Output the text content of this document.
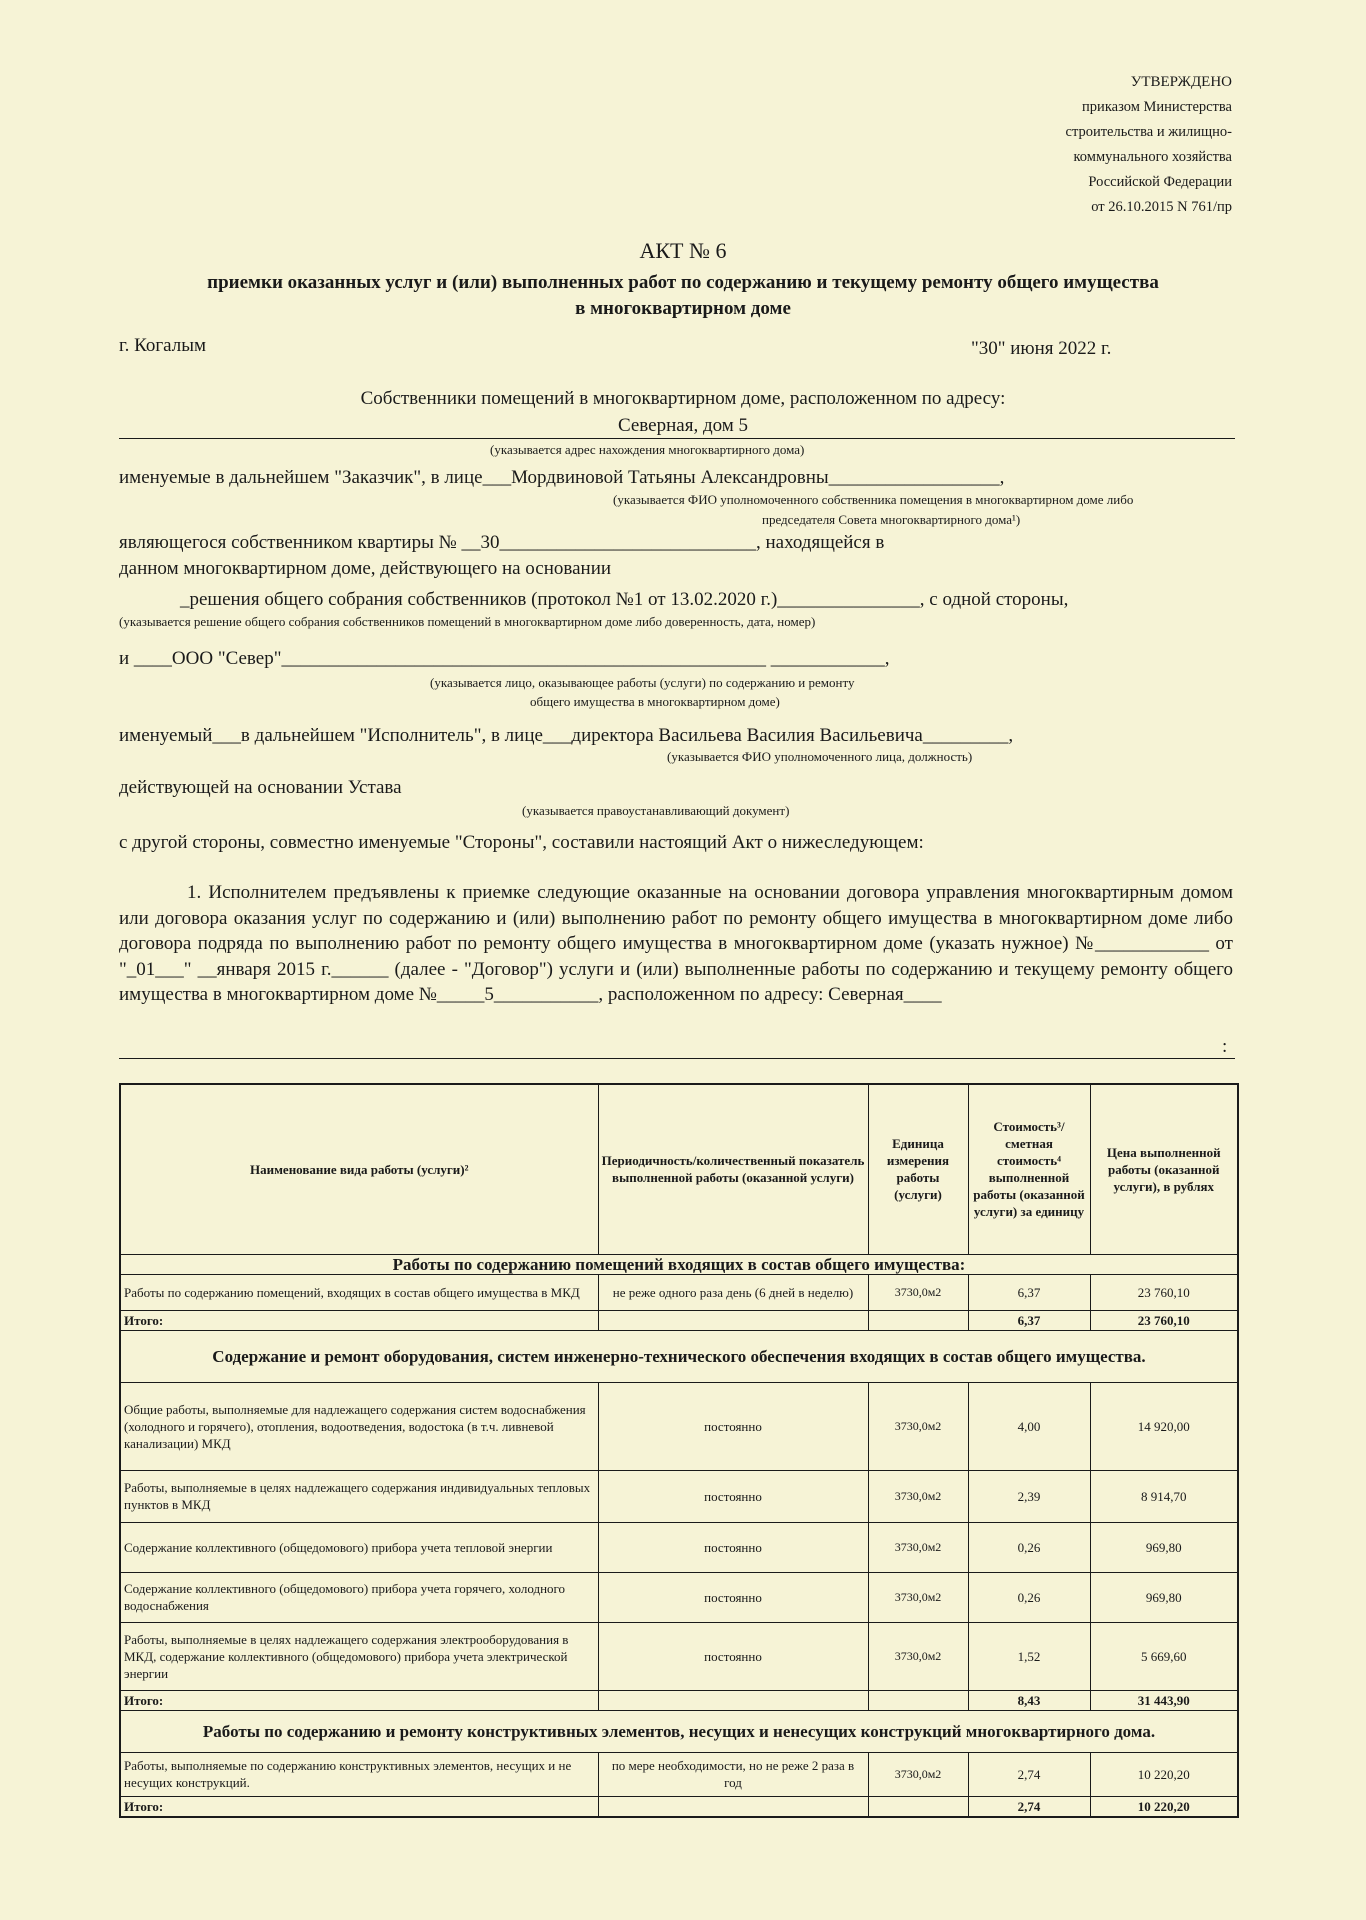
УТВЕРЖДЕНО
приказом Министерства
строительства и жилищно-
коммунального хозяйства
Российской Федерации
от 26.10.2015 N 761/пр
АКТ № 6
приемки оказанных услуг и (или) выполненных работ по содержанию и текущему ремонту общего имущества
в многоквартирном доме
г. Когалым	"30" июня 2022 г.
Собственники помещений в многоквартирном доме, расположенном по адресу:
Северная, дом 5
(указывается адрес нахождения многоквартирного дома)
именуемые в дальнейшем "Заказчик", в лице___Мордвиновой Татьяны Александровны__________________,
(указывается ФИО уполномоченного собственника помещения в многоквартирном доме либо
председателя Совета многоквартирного дома¹)
являющегося собственником квартиры № __30___________________________, находящейся в
данном многоквартирном доме, действующего на основании
_решения общего собрания собственников (протокол №1 от 13.02.2020 г.)_______________, с одной стороны,
(указывается решение общего собрания собственников помещений в многоквартирном доме либо доверенность, дата, номер)
и ____ООО "Север"___________________________________________________ ____________,
(указывается лицо, оказывающее работы (услуги) по содержанию и ремонту
общего имущества в многоквартирном доме)
именуемый___в дальнейшем "Исполнитель", в лице___директора Васильева Василия Васильевича_________,
(указывается ФИО уполномоченного лица, должность)
действующей на основании Устава
(указывается правоустанавливающий документ)
с другой стороны, совместно именуемые "Стороны", составили настоящий Акт о нижеследующем:
1. Исполнителем предъявлены к приемке следующие оказанные на основании договора управления многоквартирным домом или договора оказания услуг по содержанию и (или) выполнению работ по ремонту общего имущества в многоквартирном доме либо договора подряда по выполнению работ по ремонту общего имущества в многоквартирном доме (указать нужное) №____________ от "_01___" __января 2015 г.______ (далее - "Договор") услуги и (или) выполненные работы по содержанию и текущему ремонту общего имущества в многоквартирном доме №_____5___________, расположенном по адресу: Северная____
:
Наименование вида работы (услуги)²	Периодичность/количественный показатель выполненной работы (оказанной услуги)	Единица измерения работы (услуги)	Стоимость³/сметная стоимость⁴ выполненной работы (оказанной услуги) за единицу	Цена выполненной работы (оказанной услуги), в рублях
Работы по содержанию помещений входящих в состав общего имущества:				
Работы по содержанию помещений, входящих в состав общего имущества в МКД	не реже одного раза день (6 дней в неделю)	3730,0м2	6,37	23 760,10
Итого:			6,37	23 760,10
Содержание и ремонт оборудования, систем инженерно-технического обеспечения входящих в состав общего имущества.				
Общие работы, выполняемые для надлежащего содержания систем водоснабжения (холодного и горячего), отопления, водоотведения, водостока (в т.ч. ливневой канализации) МКД	постоянно	3730,0м2	4,00	14 920,00
Работы, выполняемые в целях надлежащего содержания индивидуальных тепловых пунктов в МКД	постоянно	3730,0м2	2,39	8 914,70
Содержание коллективного (общедомового) прибора учета тепловой энергии	постоянно	3730,0м2	0,26	969,80
Содержание коллективного (общедомового) прибора учета горячего, холодного водоснабжения	постоянно	3730,0м2	0,26	969,80
Работы, выполняемые в целях надлежащего содержания электрооборудования в МКД, содержание коллективного (общедомового) прибора учета электрической энергии	постоянно	3730,0м2	1,52	5 669,60
Итого:			8,43	31 443,90
Работы по содержанию и ремонту конструктивных элементов, несущих и ненесущих конструкций многоквартирного дома.				
Работы, выполняемые по содержанию конструктивных элементов, несущих и не несущих конструкций.	по мере необходимости, но не реже 2 раза в год	3730,0м2	2,74	10 220,20
Итого:			2,74	10 220,20
